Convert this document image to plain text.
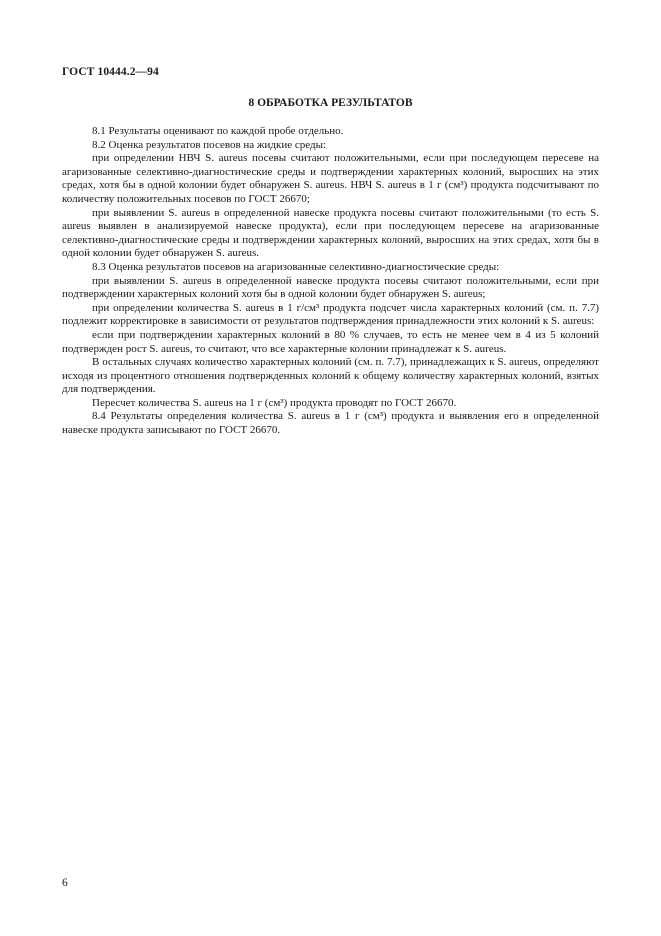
ГОСТ 10444.2—94
8 ОБРАБОТКА РЕЗУЛЬТАТОВ

8.1 Результаты оценивают по каждой пробе отдельно.

8.2 Оценка результатов посевов на жидкие среды:

при определении НВЧ S. aureus посевы считают положительными, если при последующем пересеве на агаризованные селективно-диагностические среды и подтверждении характерных колоний, выросших на этих средах, хотя бы в одной колонии будет обнаружен S. aureus. НВЧ S. aureus в 1 г (см³) продукта подсчитывают по количеству положительных посевов по ГОСТ 26670;

при выявлении S. aureus в определенной навеске продукта посевы считают положительными (то есть S. aureus выявлен в анализируемой навеске продукта), если при последующем пересеве на агаризованные селективно-диагностические среды и подтверждении характерных колоний, выросших на этих средах, хотя бы в одной колонии будет обнаружен S. aureus.

8.3 Оценка результатов посевов на агаризованные селективно-диагностические среды:

при выявлении S. aureus в определенной навеске продукта посевы считают положительными, если при подтверждении характерных колоний хотя бы в одной колонии будет обнаружен S. aureus;

при определении количества S. aureus в 1 г/см³ продукта подсчет числа характерных колоний (см. п. 7.7) подлежит корректировке в зависимости от результатов подтверждения принадлежности этих колоний к S. aureus:

если при подтверждении характерных колоний в 80 % случаев, то есть не менее чем в 4 из 5 колоний подтвержден рост S. aureus, то считают, что все характерные колонии принадлежат к S. aureus.

В остальных случаях количество характерных колоний (см. п. 7.7), принадлежащих к S. aureus, определяют исходя из процентного отношения подтвержденных колоний к общему количеству характерных колоний, взятых для подтверждения.

Пересчет количества S. aureus на 1 г (см³) продукта проводят по ГОСТ 26670.

8.4 Результаты определения количества S. aureus в 1 г (см³) продукта и выявления его в определенной навеске продукта записывают по ГОСТ 26670.

6
